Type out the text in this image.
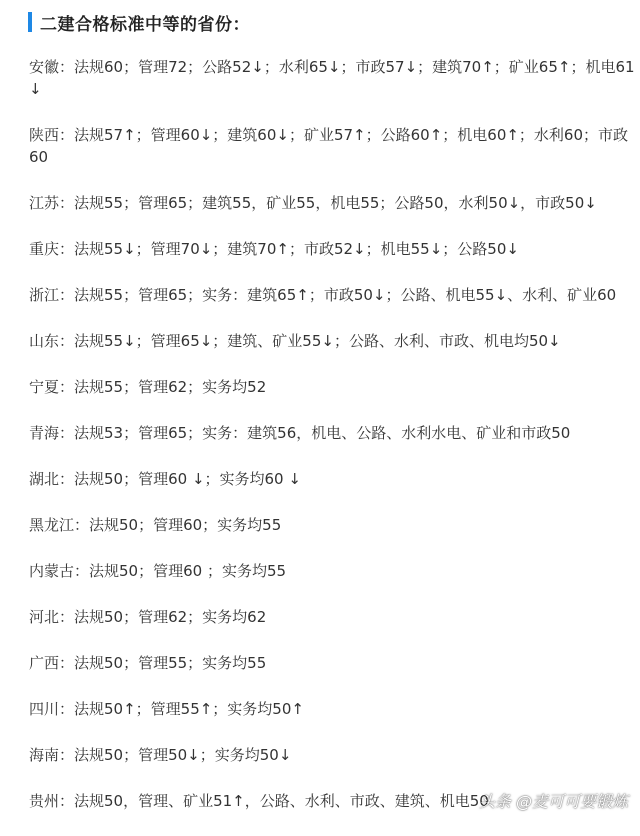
二建合格标准中等的省份：
安徽：法规60；管理72；公路52↓；水利65↓；市政57↓；建筑70↑；矿业65↑；机电61↓
陕西：法规57↑；管理60↓；建筑60↓；矿业57↑；公路60↑；机电60↑；水利60；市政60
江苏：法规55；管理65；建筑55，矿业55，机电55；公路50，水利50↓，市政50↓
重庆：法规55↓；管理70↓；建筑70↑；市政52↓；机电55↓；公路50↓
浙江：法规55；管理65；实务：建筑65↑；市政50↓；公路、机电55↓、水利、矿业60
山东：法规55↓；管理65↓；建筑、矿业55↓；公路、水利、市政、机电均50↓
宁夏：法规55；管理62；实务均52
青海：法规53；管理65；实务：建筑56，机电、公路、水利水电、矿业和市政50
湖北：法规50；管理60 ↓；实务均60 ↓
黑龙江：法规50；管理60；实务均55
内蒙古：法规50；管理60 ；实务均55
河北：法规50；管理62；实务均62
广西：法规50；管理55；实务均55
四川：法规50↑；管理55↑；实务均50↑
海南：法规50；管理50↓；实务均50↓
贵州：法规50，管理、矿业51↑，公路、水利、市政、建筑、机电50
头条 @麦可可要锻炼
